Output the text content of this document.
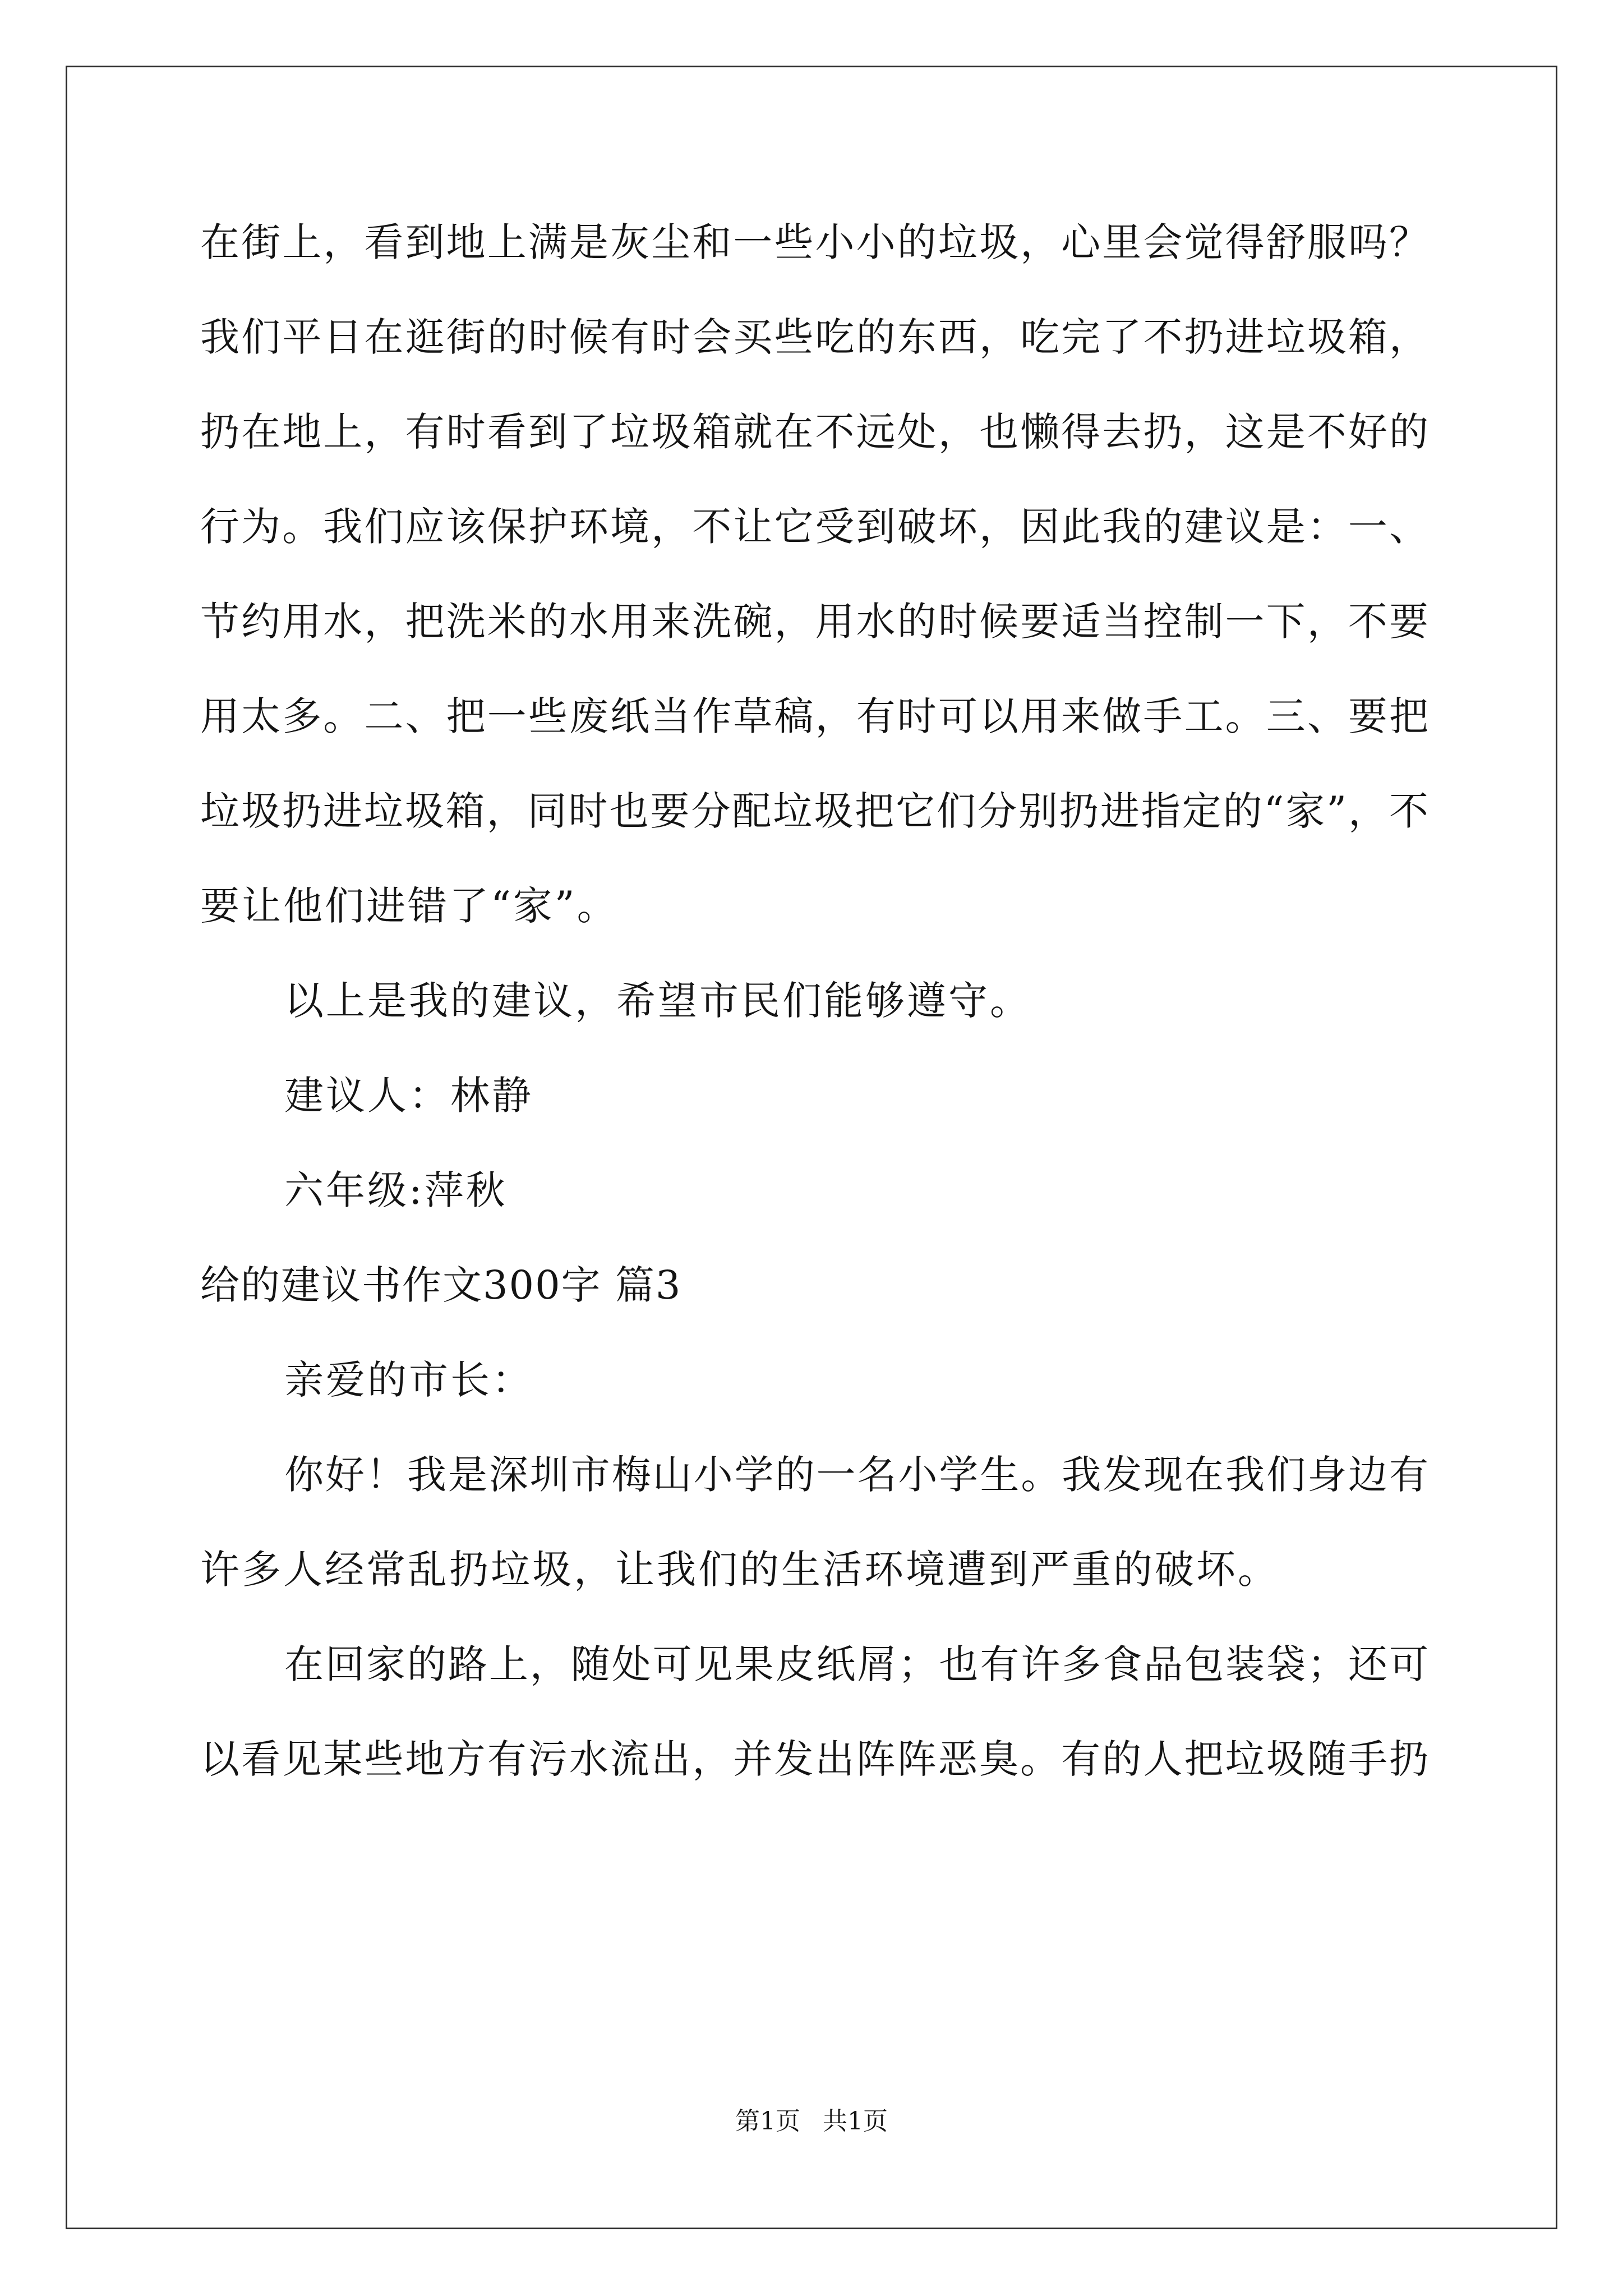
在街上，看到地上满是灰尘和一些小小的垃圾，心里会觉得舒服吗？
我们平日在逛街的时候有时会买些吃的东西，吃完了不扔进垃圾箱，
扔在地上，有时看到了垃圾箱就在不远处，也懒得去扔，这是不好的
行为。我们应该保护环境，不让它受到破坏，因此我的建议是：一、
节约用水，把洗米的水用来洗碗，用水的时候要适当控制一下，不要
用太多。二、把一些废纸当作草稿，有时可以用来做手工。三、要把
垃圾扔进垃圾箱，同时也要分配垃圾把它们分别扔进指定的“家”，不
要让他们进错了“家”。
以上是我的建议，希望市民们能够遵守。
建议人：林静
六年级:萍秋
给的建议书作文300字 篇3
亲爱的市长：
你好！我是深圳市梅山小学的一名小学生。我发现在我们身边有
许多人经常乱扔垃圾，让我们的生活环境遭到严重的破坏。
在回家的路上，随处可见果皮纸屑；也有许多食品包装袋；还可
以看见某些地方有污水流出，并发出阵阵恶臭。有的人把垃圾随手扔
第1页 共1页
